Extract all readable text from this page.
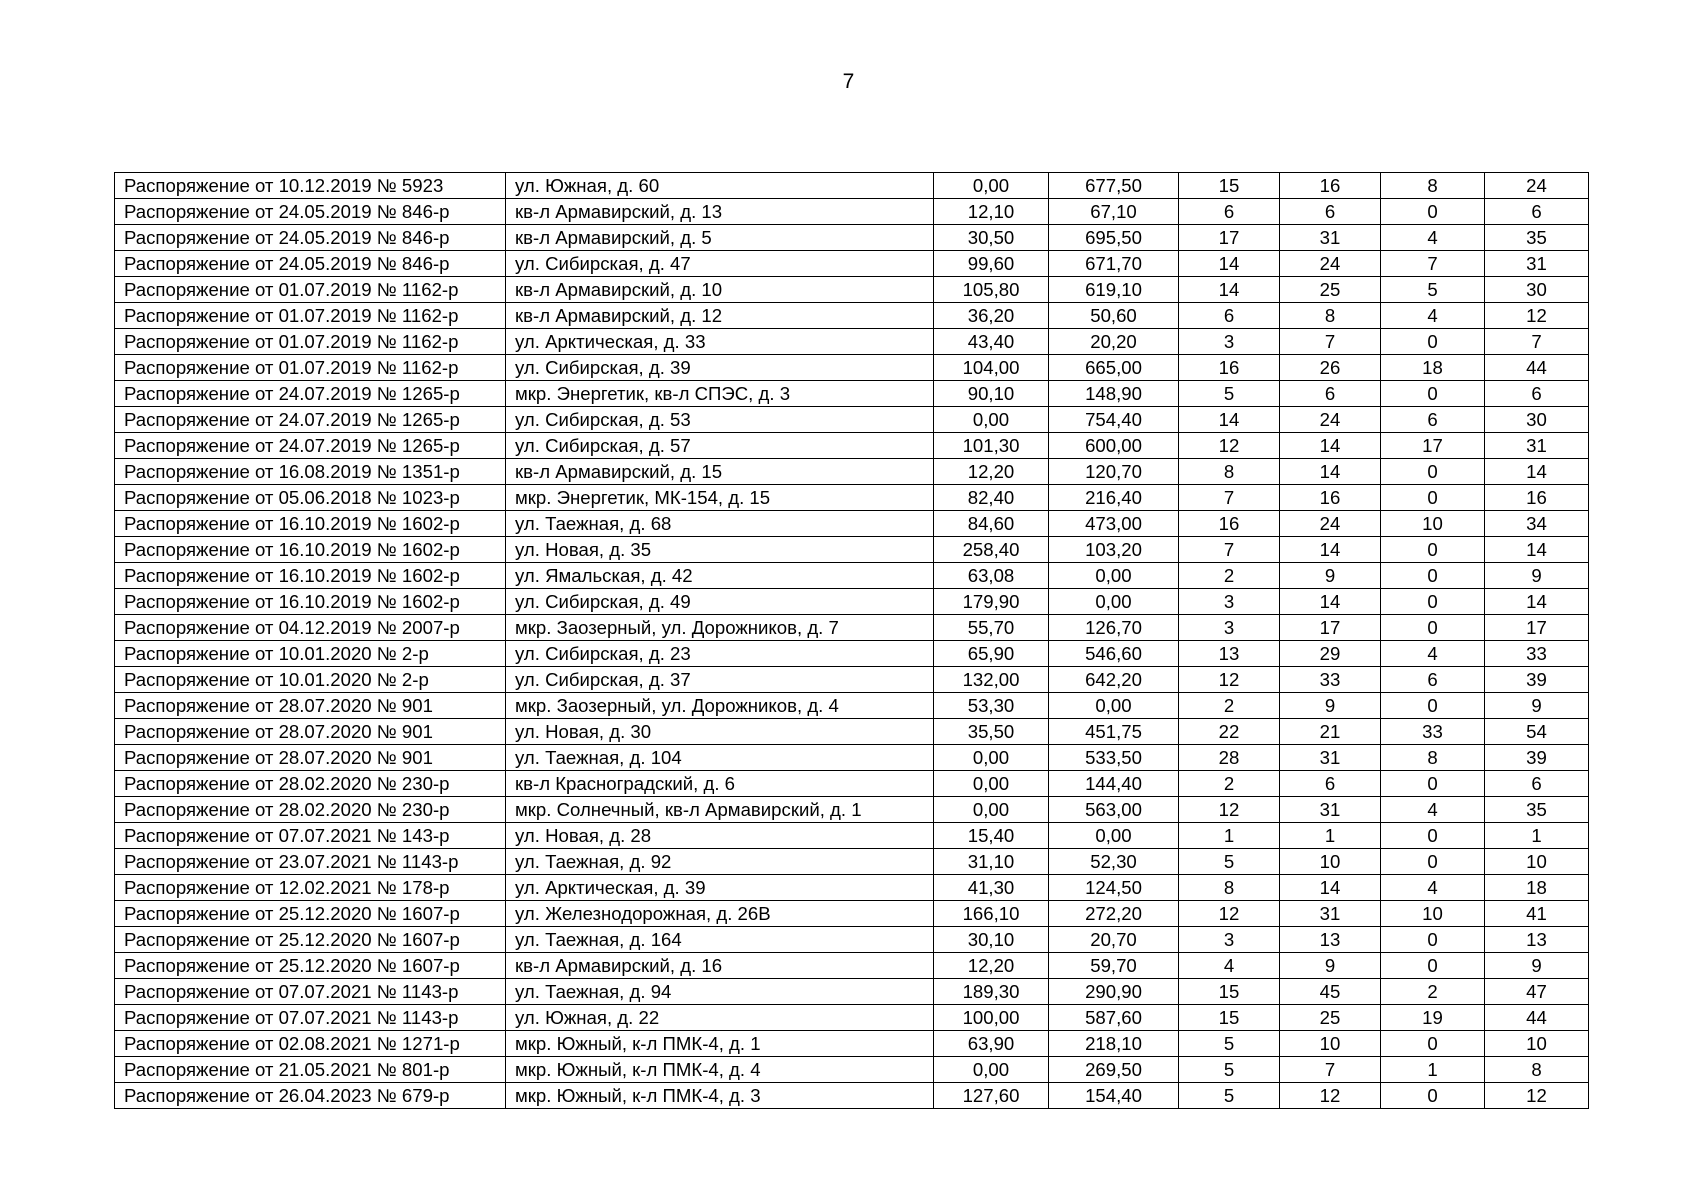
7
Распоряжение от 10.12.2019 № 5923	ул. Южная, д. 60	0,00	677,50	15	16	8	24
Распоряжение от 24.05.2019 № 846-р	кв-л Армавирский, д. 13	12,10	67,10	6	6	0	6
Распоряжение от 24.05.2019 № 846-р	кв-л Армавирский, д. 5	30,50	695,50	17	31	4	35
Распоряжение от 24.05.2019 № 846-р	ул. Сибирская, д. 47	99,60	671,70	14	24	7	31
Распоряжение от 01.07.2019 № 1162-р	кв-л Армавирский, д. 10	105,80	619,10	14	25	5	30
Распоряжение от 01.07.2019 № 1162-р	кв-л Армавирский, д. 12	36,20	50,60	6	8	4	12
Распоряжение от 01.07.2019 № 1162-р	ул. Арктическая, д. 33	43,40	20,20	3	7	0	7
Распоряжение от 01.07.2019 № 1162-р	ул. Сибирская, д. 39	104,00	665,00	16	26	18	44
Распоряжение от 24.07.2019 № 1265-р	мкр. Энергетик, кв-л СПЭС, д. 3	90,10	148,90	5	6	0	6
Распоряжение от 24.07.2019 № 1265-р	ул. Сибирская, д. 53	0,00	754,40	14	24	6	30
Распоряжение от 24.07.2019 № 1265-р	ул. Сибирская, д. 57	101,30	600,00	12	14	17	31
Распоряжение от 16.08.2019 № 1351-р	кв-л Армавирский, д. 15	12,20	120,70	8	14	0	14
Распоряжение от 05.06.2018 № 1023-р	мкр. Энергетик, МК-154, д. 15	82,40	216,40	7	16	0	16
Распоряжение от 16.10.2019 № 1602-р	ул. Таежная, д. 68	84,60	473,00	16	24	10	34
Распоряжение от 16.10.2019 № 1602-р	ул. Новая, д. 35	258,40	103,20	7	14	0	14
Распоряжение от 16.10.2019 № 1602-р	ул. Ямальская, д. 42	63,08	0,00	2	9	0	9
Распоряжение от 16.10.2019 № 1602-р	ул. Сибирская, д. 49	179,90	0,00	3	14	0	14
Распоряжение от 04.12.2019 № 2007-р	мкр. Заозерный, ул. Дорожников, д. 7	55,70	126,70	3	17	0	17
Распоряжение от 10.01.2020 № 2-р	ул. Сибирская, д. 23	65,90	546,60	13	29	4	33
Распоряжение от 10.01.2020 № 2-р	ул. Сибирская, д. 37	132,00	642,20	12	33	6	39
Распоряжение от 28.07.2020 № 901	мкр. Заозерный, ул. Дорожников, д. 4	53,30	0,00	2	9	0	9
Распоряжение от 28.07.2020 № 901	ул. Новая, д. 30	35,50	451,75	22	21	33	54
Распоряжение от 28.07.2020 № 901	ул. Таежная, д. 104	0,00	533,50	28	31	8	39
Распоряжение от 28.02.2020 № 230-р	кв-л Красноградский, д. 6	0,00	144,40	2	6	0	6
Распоряжение от 28.02.2020 № 230-р	мкр. Солнечный, кв-л Армавирский, д. 1	0,00	563,00	12	31	4	35
Распоряжение от 07.07.2021 № 143-р	ул. Новая, д. 28	15,40	0,00	1	1	0	1
Распоряжение от 23.07.2021 № 1143-р	ул. Таежная, д. 92	31,10	52,30	5	10	0	10
Распоряжение от 12.02.2021 № 178-р	ул. Арктическая, д. 39	41,30	124,50	8	14	4	18
Распоряжение от 25.12.2020 № 1607-р	ул. Железнодорожная, д. 26В	166,10	272,20	12	31	10	41
Распоряжение от 25.12.2020 № 1607-р	ул. Таежная, д. 164	30,10	20,70	3	13	0	13
Распоряжение от 25.12.2020 № 1607-р	кв-л Армавирский, д. 16	12,20	59,70	4	9	0	9
Распоряжение от 07.07.2021 № 1143-р	ул. Таежная, д. 94	189,30	290,90	15	45	2	47
Распоряжение от 07.07.2021 № 1143-р	ул. Южная, д. 22	100,00	587,60	15	25	19	44
Распоряжение от 02.08.2021 № 1271-р	мкр. Южный, к-л ПМК-4, д. 1	63,90	218,10	5	10	0	10
Распоряжение от 21.05.2021 № 801-р	мкр. Южный, к-л ПМК-4, д. 4	0,00	269,50	5	7	1	8
Распоряжение от 26.04.2023 № 679-р	мкр. Южный, к-л ПМК-4, д. 3	127,60	154,40	5	12	0	12
